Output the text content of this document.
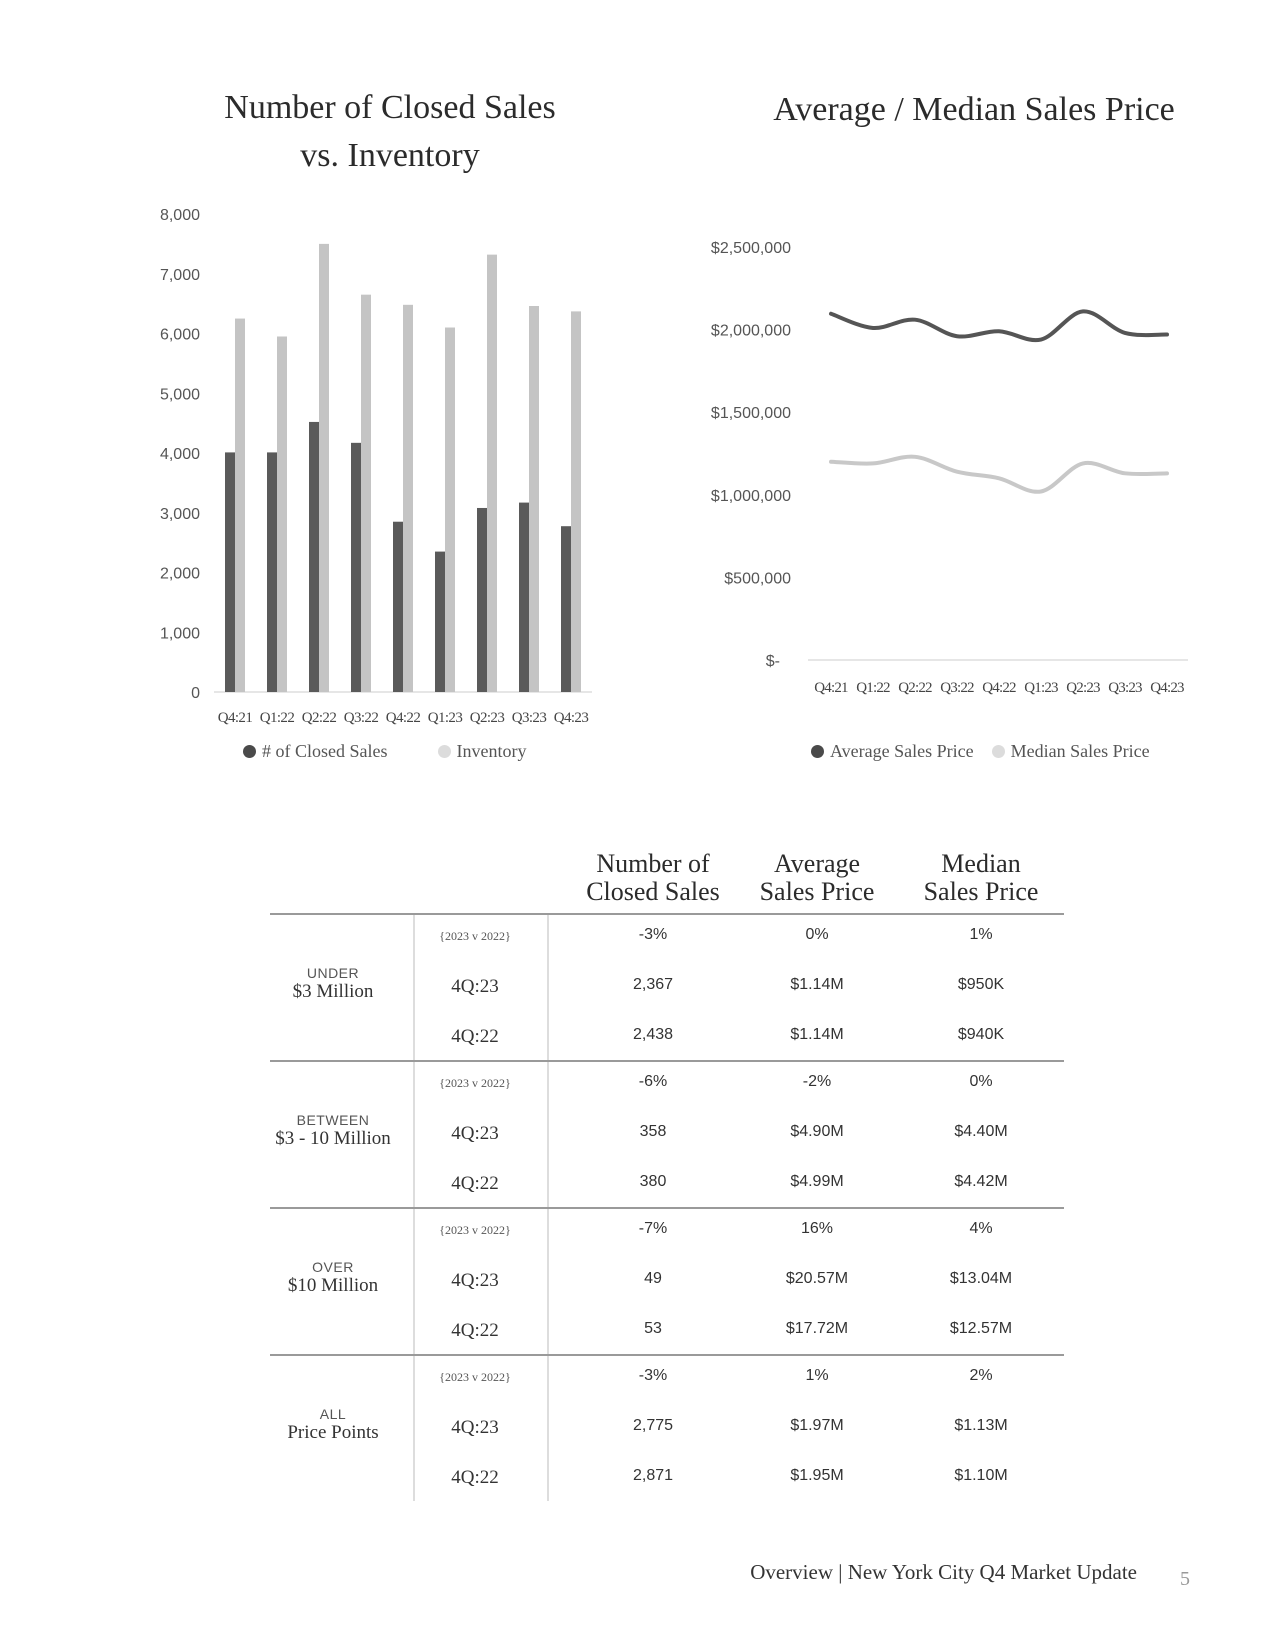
Number of Closed Sales
vs. Inventory
0
1,000
2,000
3,000
4,000
5,000
6,000
7,000
8,000
Q4:21 Q1:22 Q2:22 Q3:22 Q4:22 Q1:23 Q2:23 Q3:23 Q4:23
# of Closed Sales	Inventory
Average / Median Sales Price
$-
$500,000
$1,000,000
$1,500,000
$2,000,000
$2,500,000
Q4:21 Q1:22 Q2:22 Q3:22 Q4:22 Q1:23 Q2:23 Q3:23 Q4:23
Average Sales Price Median Sales Price
Number of
Closed Sales
Average
Sales Price
Median
Sales Price
UNDER
$3 Million
{2023 v 2022}	-3%	0%	1%
4Q:23	2,367	$1.14M	$950K
4Q:22	2,438	$1.14M	$940K
BETWEEN
$3 - 10 Million
{2023 v 2022}	-6%	-2%	0%
4Q:23	358	$4.90M	$4.40M
4Q:22	380	$4.99M	$4.42M
OVER
$10 Million
{2023 v 2022}	-7%	16%	4%
4Q:23	49	$20.57M	$13.04M
4Q:22	53	$17.72M	$12.57M
ALL
Price Points
{2023 v 2022}	-3%	1%	2%
4Q:23	2,775	$1.97M	$1.13M
4Q:22	2,871	$1.95M	$1.10M
Overview | New York City Q4 Market Update 5
